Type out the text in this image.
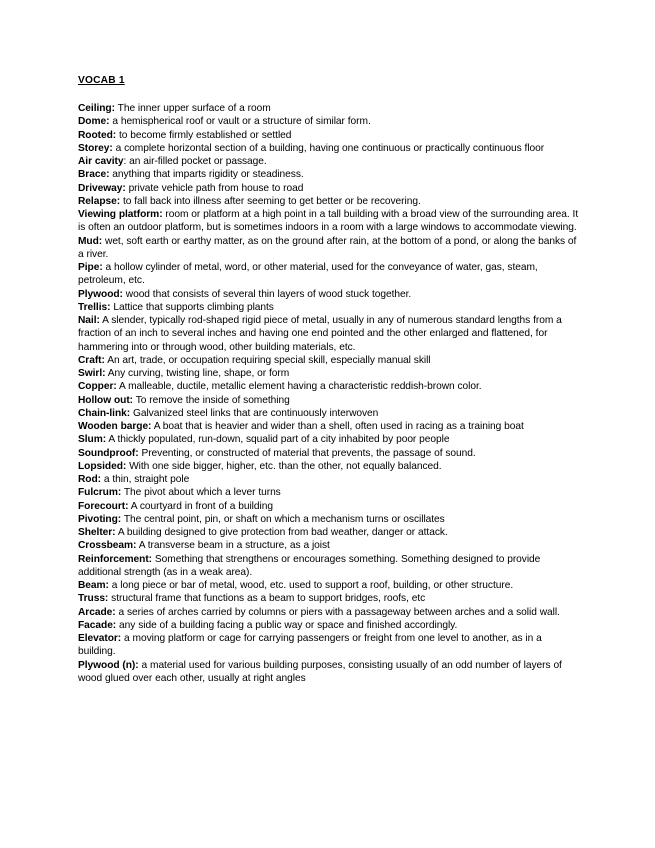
VOCAB 1

Ceiling: The inner upper surface of a room

Dome: a hemispherical roof or vault or a structure of similar form.

Rooted: to become firmly established or settled

Storey: a complete horizontal section of a building, having one continuous or practically continuous floor

Air cavity: an air-filled pocket or passage.

Brace: anything that imparts rigidity or steadiness.

Driveway: private vehicle path from house to road

Relapse: to fall back into illness after seeming to get better or be recovering.

Viewing platform: room or platform at a high point in a tall building with a broad view of the surrounding area. It is often an outdoor platform, but is sometimes indoors in a room with a large windows to accommodate viewing.

Mud: wet, soft earth or earthy matter, as on the ground after rain, at the bottom of a pond, or along the banks of a river.

Pipe: a hollow cylinder of metal, word, or other material, used for the conveyance of water, gas, steam, petroleum, etc.

Plywood: wood that consists of several thin layers of wood stuck together.

Trellis: Lattice that supports climbing plants

Nail: A slender, typically rod-shaped rigid piece of metal, usually in any of numerous standard lengths from a fraction of an inch to several inches and having one end pointed and the other enlarged and flattened, for hammering into or through wood, other building materials, etc.

Craft: An art, trade, or occupation requiring special skill, especially manual skill

Swirl: Any curving, twisting line, shape, or form

Copper: A malleable, ductile, metallic element having a characteristic reddish-brown color.

Hollow out: To remove the inside of something

Chain-link: Galvanized steel links that are continuously interwoven

Wooden barge: A boat that is heavier and wider than a shell, often used in racing as a training boat

Slum: A thickly populated, run-down, squalid part of a city inhabited by poor people

Soundproof: Preventing, or constructed of material that prevents, the passage of sound.

Lopsided: With one side bigger, higher, etc. than the other, not equally balanced.

Rod: a thin, straight pole

Fulcrum: The pivot about which a lever turns

Forecourt: A courtyard in front of a building

Pivoting: The central point, pin, or shaft on which a mechanism turns or oscillates

Shelter: A building designed to give protection from bad weather, danger or attack.

Crossbeam: A transverse beam in a structure, as a joist

Reinforcement: Something that strengthens or encourages something. Something designed to provide additional strength (as in a weak area).

Beam: a long piece or bar of metal, wood, etc. used to support a roof, building, or other structure.

Truss: structural frame that functions as a beam to support bridges, roofs, etc

Arcade: a series of arches carried by columns or piers with a passageway between arches and a solid wall.

Facade: any side of a building facing a public way or space and finished accordingly.

Elevator: a moving platform or cage for carrying passengers or freight from one level to another, as in a building.

Plywood (n): a material used for various building purposes, consisting usually of an odd number of layers of wood glued over each other, usually at right angles
